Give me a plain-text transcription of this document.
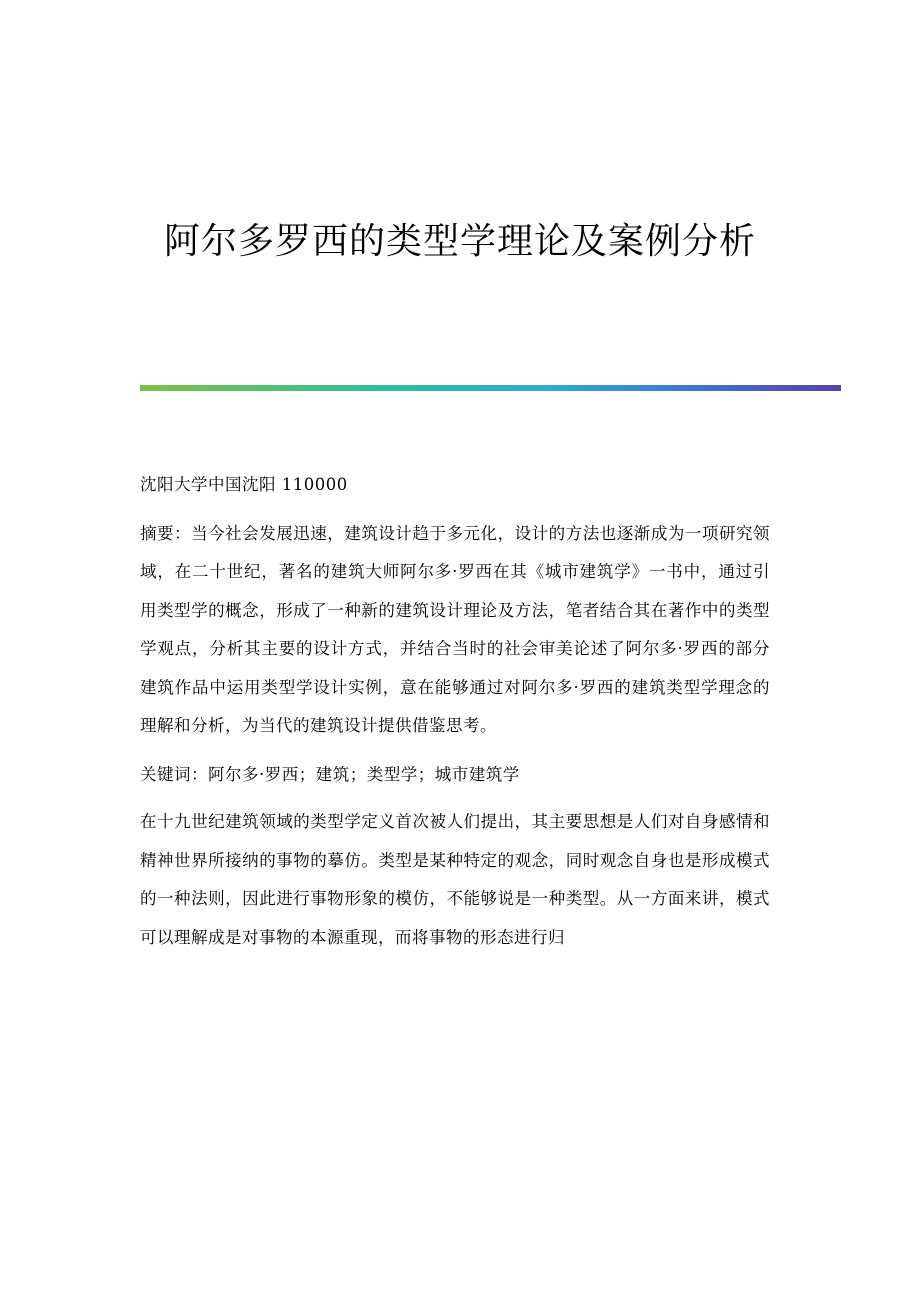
阿尔多罗西的类型学理论及案例分析

沈阳大学中国沈阳 110000

摘要：当今社会发展迅速，建筑设计趋于多元化，设计的方法也逐渐成为一项研究领域，在二十世纪，著名的建筑大师阿尔多·罗西在其《城市建筑学》一书中，通过引用类型学的概念，形成了一种新的建筑设计理论及方法，笔者结合其在著作中的类型学观点，分析其主要的设计方式，并结合当时的社会审美论述了阿尔多·罗西的部分建筑作品中运用类型学设计实例，意在能够通过对阿尔多·罗西的建筑类型学理念的理解和分析，为当代的建筑设计提供借鉴思考。

关键词：阿尔多·罗西；建筑；类型学；城市建筑学

在十九世纪建筑领域的类型学定义首次被人们提出，其主要思想是人们对自身感情和精神世界所接纳的事物的摹仿。类型是某种特定的观念，同时观念自身也是形成模式的一种法则，因此进行事物形象的模仿，不能够说是一种类型。从一方面来讲，模式可以理解成是对事物的本源重现，而将事物的形态进行归
